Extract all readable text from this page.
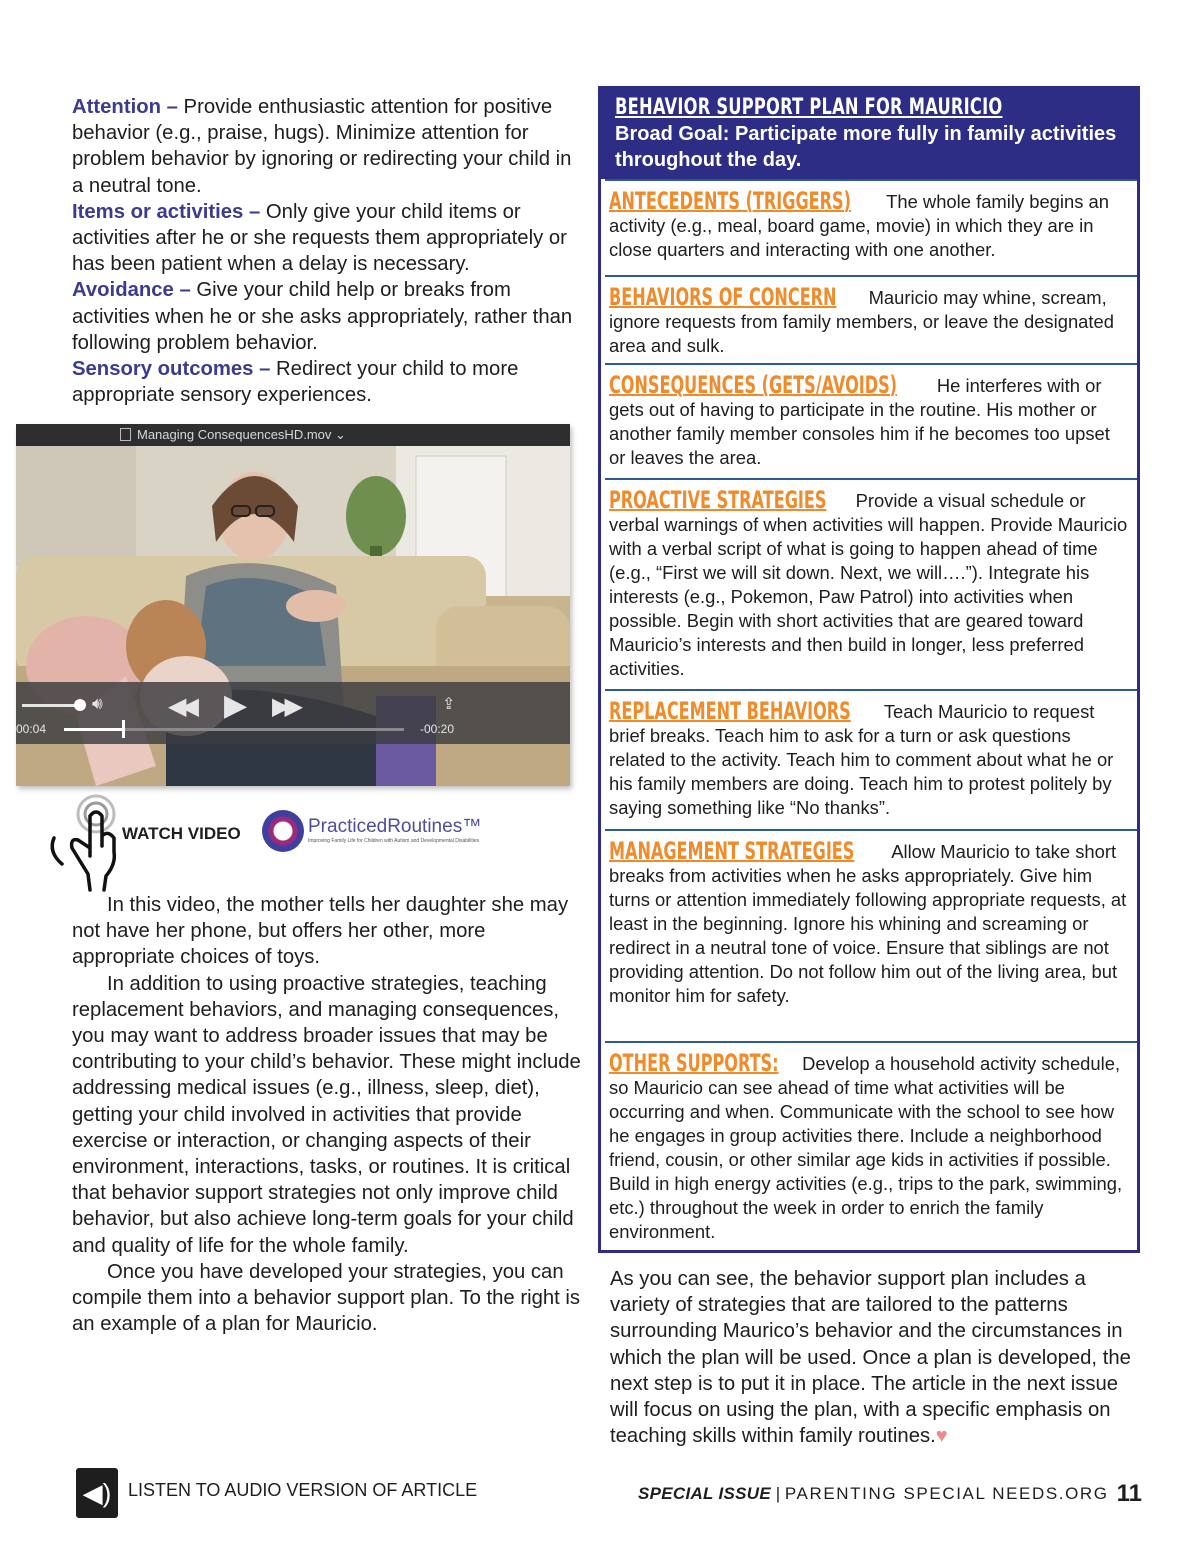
Attention – Provide enthusiastic attention for positive behavior (e.g., praise, hugs). Minimize attention for problem behavior by ignoring or redirecting your child in a neutral tone.

Items or activities – Only give your child items or activities after he or she requests them appropriately or has been patient when a delay is necessary.

Avoidance – Give your child help or breaks from activities when he or she asks appropriately, rather than following problem behavior.

Sensory outcomes – Redirect your child to more appropriate sensory experiences.

Managing ConsequencesHD.mov ⌄
🔊︎	◀◀ ▶ ▶▶	⇪
00:04	-00:20
WATCH VIDEO	PracticedRoutines™
Improving Family Life for Children with Autism and Developmental Disabilities

In this video, the mother tells her daughter she may not have her phone, but offers her other, more appropriate choices of toys.

In addition to using proactive strategies, teaching replacement behaviors, and managing consequences, you may want to address broader issues that may be contributing to your child’s behavior. These might include addressing medical issues (e.g., illness, sleep, diet), getting your child involved in activities that provide exercise or interaction, or changing aspects of their environment, interactions, tasks, or routines. It is critical that behavior support strategies not only improve child behavior, but also achieve long-term goals for your child and quality of life for the whole family.

Once you have developed your strategies, you can compile them into a behavior support plan. To the right is an example of a plan for Mauricio.

BEHAVIOR SUPPORT PLAN FOR MAURICIO
Broad Goal: Participate more fully in family activities throughout the day.
ANTECEDENTS (TRIGGERS) The whole family begins an activity (e.g., meal, board game, movie) in which they are in close quarters and interacting with one another.
BEHAVIORS OF CONCERN Mauricio may whine, scream, ignore requests from family members, or leave the designated area and sulk.
CONSEQUENCES (GETS/AVOIDS) He interferes with or gets out of having to participate in the routine. His mother or another family member consoles him if he becomes too upset or leaves the area.
PROACTIVE STRATEGIES Provide a visual schedule or verbal warnings of when activities will happen. Provide Mauricio with a verbal script of what is going to happen ahead of time (e.g., “First we will sit down. Next, we will….”). Integrate his interests (e.g., Pokemon, Paw Patrol) into activities when possible. Begin with short activities that are geared toward Mauricio’s interests and then build in longer, less preferred activities.
REPLACEMENT BEHAVIORS Teach Mauricio to request brief breaks. Teach him to ask for a turn or ask questions related to the activity. Teach him to comment about what he or his family members are doing. Teach him to protest politely by saying something like “No thanks”.
MANAGEMENT STRATEGIES Allow Mauricio to take short breaks from activities when he asks appropriately. Give him turns or attention immediately following appropriate requests, at least in the beginning. Ignore his whining and screaming or redirect in a neutral tone of voice. Ensure that siblings are not providing attention. Do not follow him out of the living area, but monitor him for safety.
OTHER SUPPORTS: Develop a household activity schedule, so Mauricio can see ahead of time what activities will be occurring and when. Communicate with the school to see how he engages in group activities there. Include a neighborhood friend, cousin, or other similar age kids in activities if possible. Build in high energy activities (e.g., trips to the park, swimming, etc.) throughout the week in order to enrich the family environment.
As you can see, the behavior support plan includes a variety of strategies that are tailored to the patterns surrounding Maurico’s behavior and the circumstances in which the plan will be used. Once a plan is developed, the next step is to put it in place. The article in the next issue will focus on using the plan, with a specific emphasis on teaching skills within family routines.♥
◀) LISTEN TO AUDIO VERSION OF ARTICLE	SPECIAL ISSUE | PARENTING SPECIAL NEEDS.ORG 11
